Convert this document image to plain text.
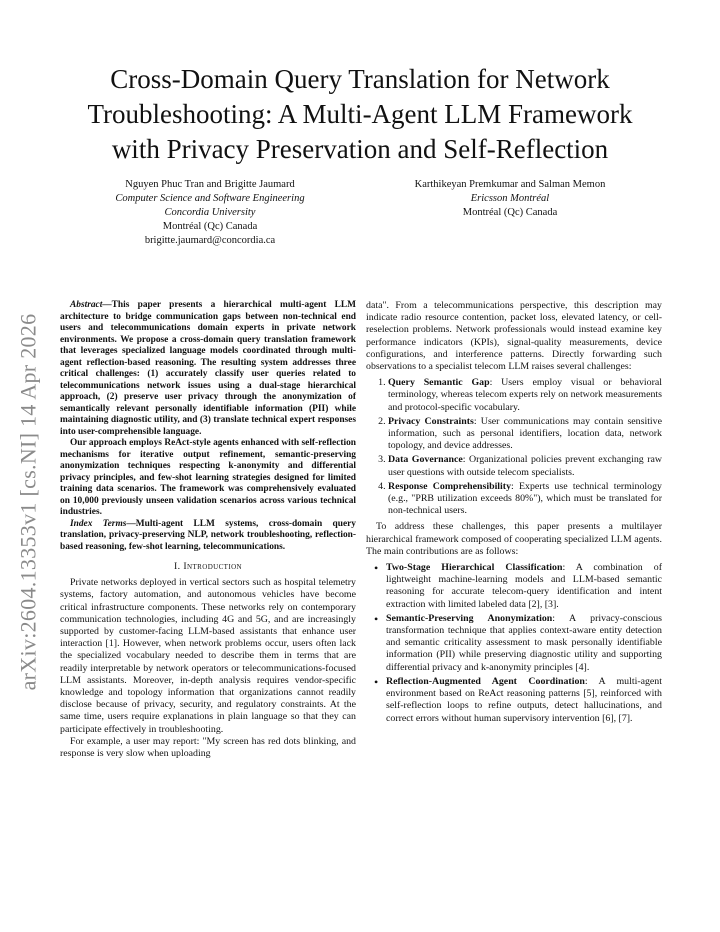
arXiv:2604.13353v1 [cs.NI] 14 Apr 2026
Cross-Domain Query Translation for Network
Troubleshooting: A Multi-Agent LLM Framework
with Privacy Preservation and Self-Reflection
Nguyen Phuc Tran and Brigitte Jaumard
Computer Science and Software Engineering
Concordia University
Montréal (Qc) Canada
brigitte.jaumard@concordia.ca
Karthikeyan Premkumar and Salman Memon
Ericsson Montréal
Montréal (Qc) Canada

Abstract—This paper presents a hierarchical multi-agent LLM architecture to bridge communication gaps between non-technical end users and telecommunications domain experts in private network environments. We propose a cross-domain query translation framework that leverages specialized language models coordinated through multi-agent reflection-based reasoning. The resulting system addresses three critical challenges: (1) accurately classify user queries related to telecommunications network issues using a dual-stage hierarchical approach, (2) preserve user privacy through the anonymization of semantically relevant personally identifiable information (PII) while maintaining diagnostic utility, and (3) translate technical expert responses into user-comprehensible language.

Our approach employs ReAct-style agents enhanced with self-reflection mechanisms for iterative output refinement, semantic-preserving anonymization techniques respecting k-anonymity and differential privacy principles, and few-shot learning strategies designed for limited training data scenarios. The framework was comprehensively evaluated on 10,000 previously unseen validation scenarios across various technical industries.

Index Terms—Multi-agent LLM systems, cross-domain query translation, privacy-preserving NLP, network troubleshooting, reflection-based reasoning, few-shot learning, telecommunications.

I. Introduction

Private networks deployed in vertical sectors such as hospital telemetry systems, factory automation, and autonomous vehicles have become critical infrastructure components. These networks rely on contemporary communication technologies, including 4G and 5G, and are increasingly supported by customer-facing LLM-based assistants that enhance user interaction [1]. However, when network problems occur, users often lack the specialized vocabulary needed to describe them in terms that are readily interpretable by network operators or telecommunications-focused LLM assistants. Moreover, in-depth analysis requires vendor-specific knowledge and topology information that organizations cannot readily disclose because of privacy, security, and regulatory constraints. At the same time, users require explanations in plain language so that they can participate effectively in troubleshooting.

For example, a user may report: "My screen has red dots blinking, and response is very slow when uploading

data". From a telecommunications perspective, this description may indicate radio resource contention, packet loss, elevated latency, or cell-reselection problems. Network professionals would instead examine key performance indicators (KPIs), signal-quality measurements, device configurations, and interference patterns. Directly forwarding such observations to a specialist telecom LLM raises several challenges:

1. Query Semantic Gap: Users employ visual or behavioral terminology, whereas telecom experts rely on network measurements and protocol-specific vocabulary.
2. Privacy Constraints: User communications may contain sensitive information, such as personal identifiers, location data, network topology, and device addresses.
3. Data Governance: Organizational policies prevent exchanging raw user questions with outside telecom specialists.
4. Response Comprehensibility: Experts use technical terminology (e.g., "PRB utilization exceeds 80%"), which must be translated for non-technical users.

To address these challenges, this paper presents a multilayer hierarchical framework composed of cooperating specialized LLM agents. The main contributions are as follows:

• Two-Stage Hierarchical Classification: A combination of lightweight machine-learning models and LLM-based semantic reasoning for accurate telecom-query identification and intent extraction with limited labeled data [2], [3].
• Semantic-Preserving Anonymization: A privacy-conscious transformation technique that applies context-aware entity detection and semantic criticality assessment to mask personally identifiable information (PII) while preserving diagnostic utility and supporting differential privacy and k-anonymity principles [4].
• Reflection-Augmented Agent Coordination: A multi-agent environment based on ReAct reasoning patterns [5], reinforced with self-reflection loops to refine outputs, detect hallucinations, and correct errors without human supervisory intervention [6], [7].
